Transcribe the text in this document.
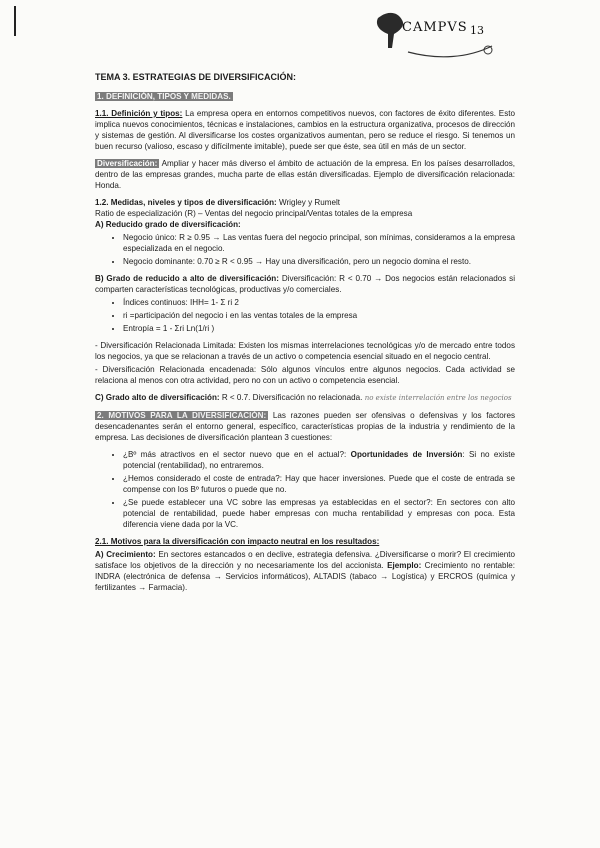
CAMPVS 13
TEMA 3. ESTRATEGIAS DE DIVERSIFICACIÓN:

1. DEFINICIÓN, TIPOS Y MEDIDAS.

1.1. Definición y tipos: La empresa opera en entornos competitivos nuevos, con factores de éxito diferentes. Esto implica nuevos conocimientos, técnicas e instalaciones, cambios en la estructura organizativa, procesos de dirección y sistemas de gestión. Al diversificarse los costes organizativos aumentan, pero se reduce el riesgo. Si tenemos un buen recurso (valioso, escaso y difícilmente imitable), puede ser que éste, sea útil en más de un sector.

Diversificación: Ampliar y hacer más diverso el ámbito de actuación de la empresa. En los países desarrollados, dentro de las empresas grandes, mucha parte de ellas están diversificadas. Ejemplo de diversificación relacionada: Honda.

1.2. Medidas, niveles y tipos de diversificación: Wrigley y Rumelt

Ratio de especialización (R) – Ventas del negocio principal/Ventas totales de la empresa

A) Reducido grado de diversificación:

• Negocio único: R ≥ 0.95 → Las ventas fuera del negocio principal, son mínimas, consideramos a la empresa especializada en el negocio.
• Negocio dominante: 0.70 ≥ R < 0.95 → Hay una diversificación, pero un negocio domina el resto.

B) Grado de reducido a alto de diversificación: Diversificación: R < 0.70 → Dos negocios están relacionados si comparten características tecnológicas, productivas y/o comerciales.

• Índices continuos: IHH= 1- Σ ri 2
• ri =participación del negocio i en las ventas totales de la empresa
• Entropía = 1 - Σri Ln(1/ri )

- Diversificación Relacionada Limitada: Existen los mismas interrelaciones tecnológicas y/o de mercado entre todos los negocios, ya que se relacionan a través de un activo o competencia esencial situado en el negocio central.

- Diversificación Relacionada encadenada: Sólo algunos vínculos entre algunos negocios. Cada actividad se relaciona al menos con otra actividad, pero no con un activo o competencia esencial.

C) Grado alto de diversificación: R < 0.7. Diversificación no relacionada. no existe interrelación entre los negocios

2. MOTIVOS PARA LA DIVERSIFICACIÓN: Las razones pueden ser ofensivas o defensivas y los factores desencadenantes serán el entorno general, específico, características propias de la industria y rendimiento de la empresa. Las decisiones de diversificación plantean 3 cuestiones:

• ¿Bº más atractivos en el sector nuevo que en el actual?: Oportunidades de Inversión: Si no existe potencial (rentabilidad), no entraremos.
• ¿Hemos considerado el coste de entrada?: Hay que hacer inversiones. Puede que el coste de entrada se compense con los Bº futuros o puede que no.
• ¿Se puede establecer una VC sobre las empresas ya establecidas en el sector?: En sectores con alto potencial de rentabilidad, puede haber empresas con mucha rentabilidad y empresas con poca. Esta diferencia viene dada por la VC.

2.1. Motivos para la diversificación con impacto neutral en los resultados:

A) Crecimiento: En sectores estancados o en declive, estrategia defensiva. ¿Diversificarse o morir? El crecimiento satisface los objetivos de la dirección y no necesariamente los del accionista. Ejemplo: Crecimiento no rentable: INDRA (electrónica de defensa → Servicios informáticos), ALTADIS (tabaco → Logística) y ERCROS (química y fertilizantes → Farmacia).
